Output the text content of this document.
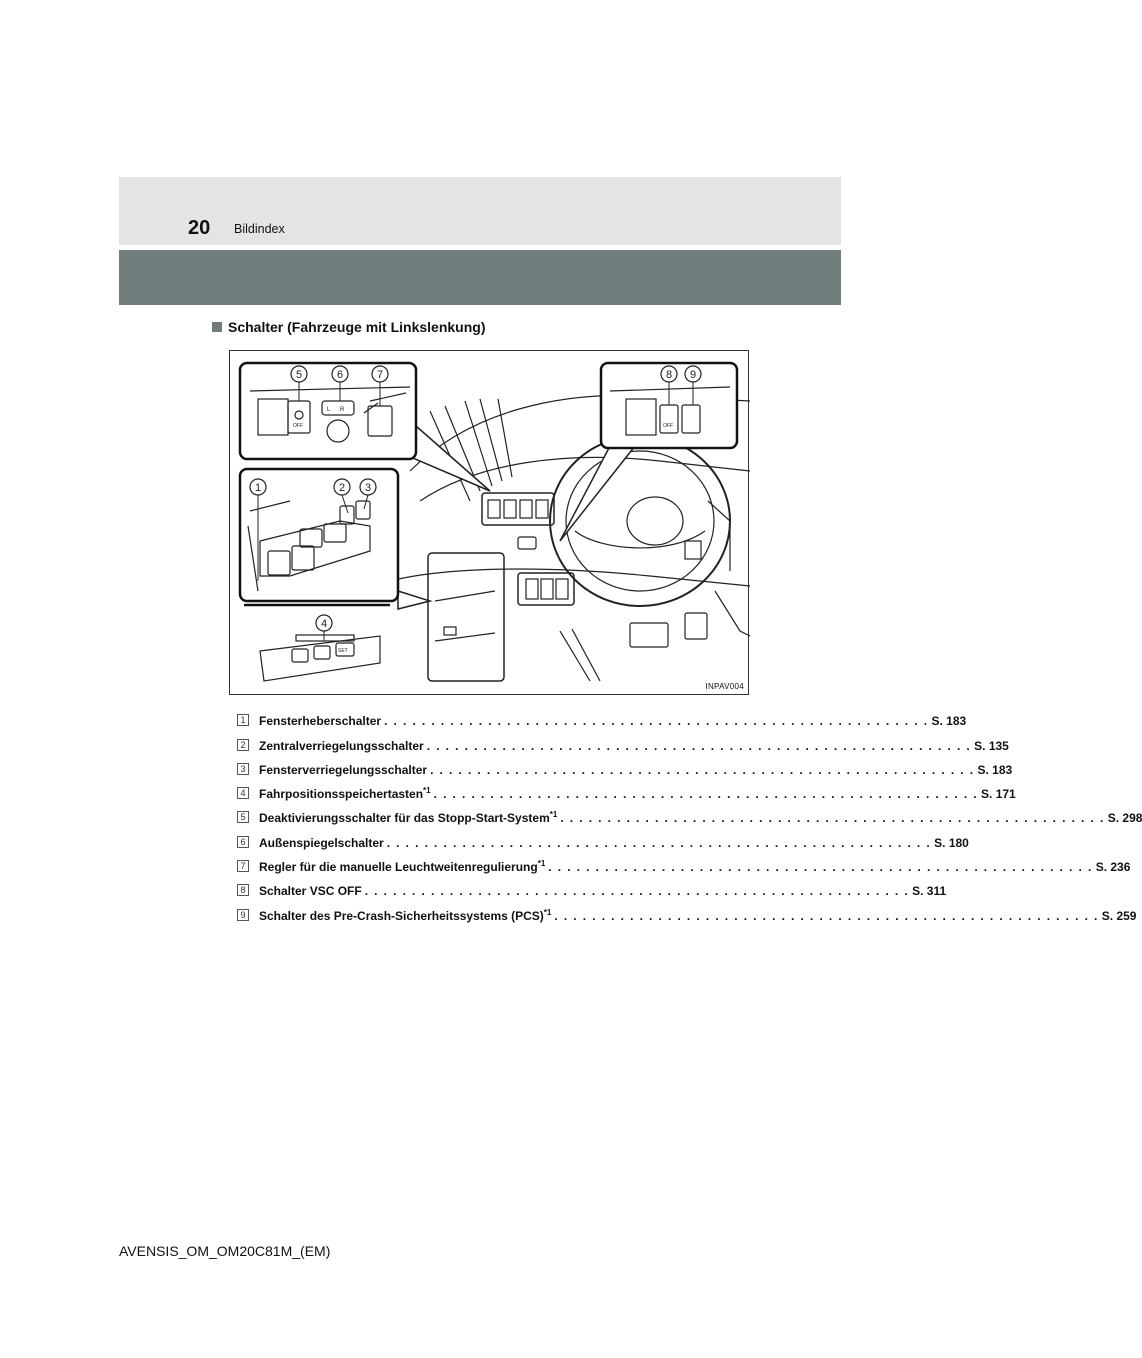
20 Bildindex
Schalter (Fahrzeuge mit Linkslenkung)
OFF
L R
5	6	7
OFF
8 9
1	2 3
SET
4
INPAV004
1 Fensterheberschalter . . . . . . . . . . . . . . . . . . . . . . . . . . . . . . . . . . . . . . . . . . . . . . . . . . . . . . . . . . S. 183
2 Zentralverriegelungsschalter . . . . . . . . . . . . . . . . . . . . . . . . . . . . . . . . . . . . . . . . . . . . . . . . . . . . . . . . . . S. 135
3 Fensterverriegelungsschalter . . . . . . . . . . . . . . . . . . . . . . . . . . . . . . . . . . . . . . . . . . . . . . . . . . . . . . . . . . S. 183
4 Fahrpositionsspeichertasten$^{*1}$ . . . . . . . . . . . . . . . . . . . . . . . . . . . . . . . . . . . . . . . . . . . . . . . . . . . . . . . . . . S. 171
5 Deaktivierungsschalter für das Stopp-Start-System$^{*1}$ . . . . . . . . . . . . . . . . . . . . . . . . . . . . . . . . . . . . . . . . . . . . . . . . . . . . . . . . . . S. 298
6 Außenspiegelschalter . . . . . . . . . . . . . . . . . . . . . . . . . . . . . . . . . . . . . . . . . . . . . . . . . . . . . . . . . . S. 180
7 Regler für die manuelle Leuchtweitenregulierung$^{*1}$ . . . . . . . . . . . . . . . . . . . . . . . . . . . . . . . . . . . . . . . . . . . . . . . . . . . . . . . . . . S. 236
8 Schalter VSC OFF . . . . . . . . . . . . . . . . . . . . . . . . . . . . . . . . . . . . . . . . . . . . . . . . . . . . . . . . . . S. 311
9 Schalter des Pre-Crash-Sicherheitssystems (PCS)$^{*1}$ . . . . . . . . . . . . . . . . . . . . . . . . . . . . . . . . . . . . . . . . . . . . . . . . . . . . . . . . . . S. 259
AVENSIS_OM_OM20C81M_(EM)
